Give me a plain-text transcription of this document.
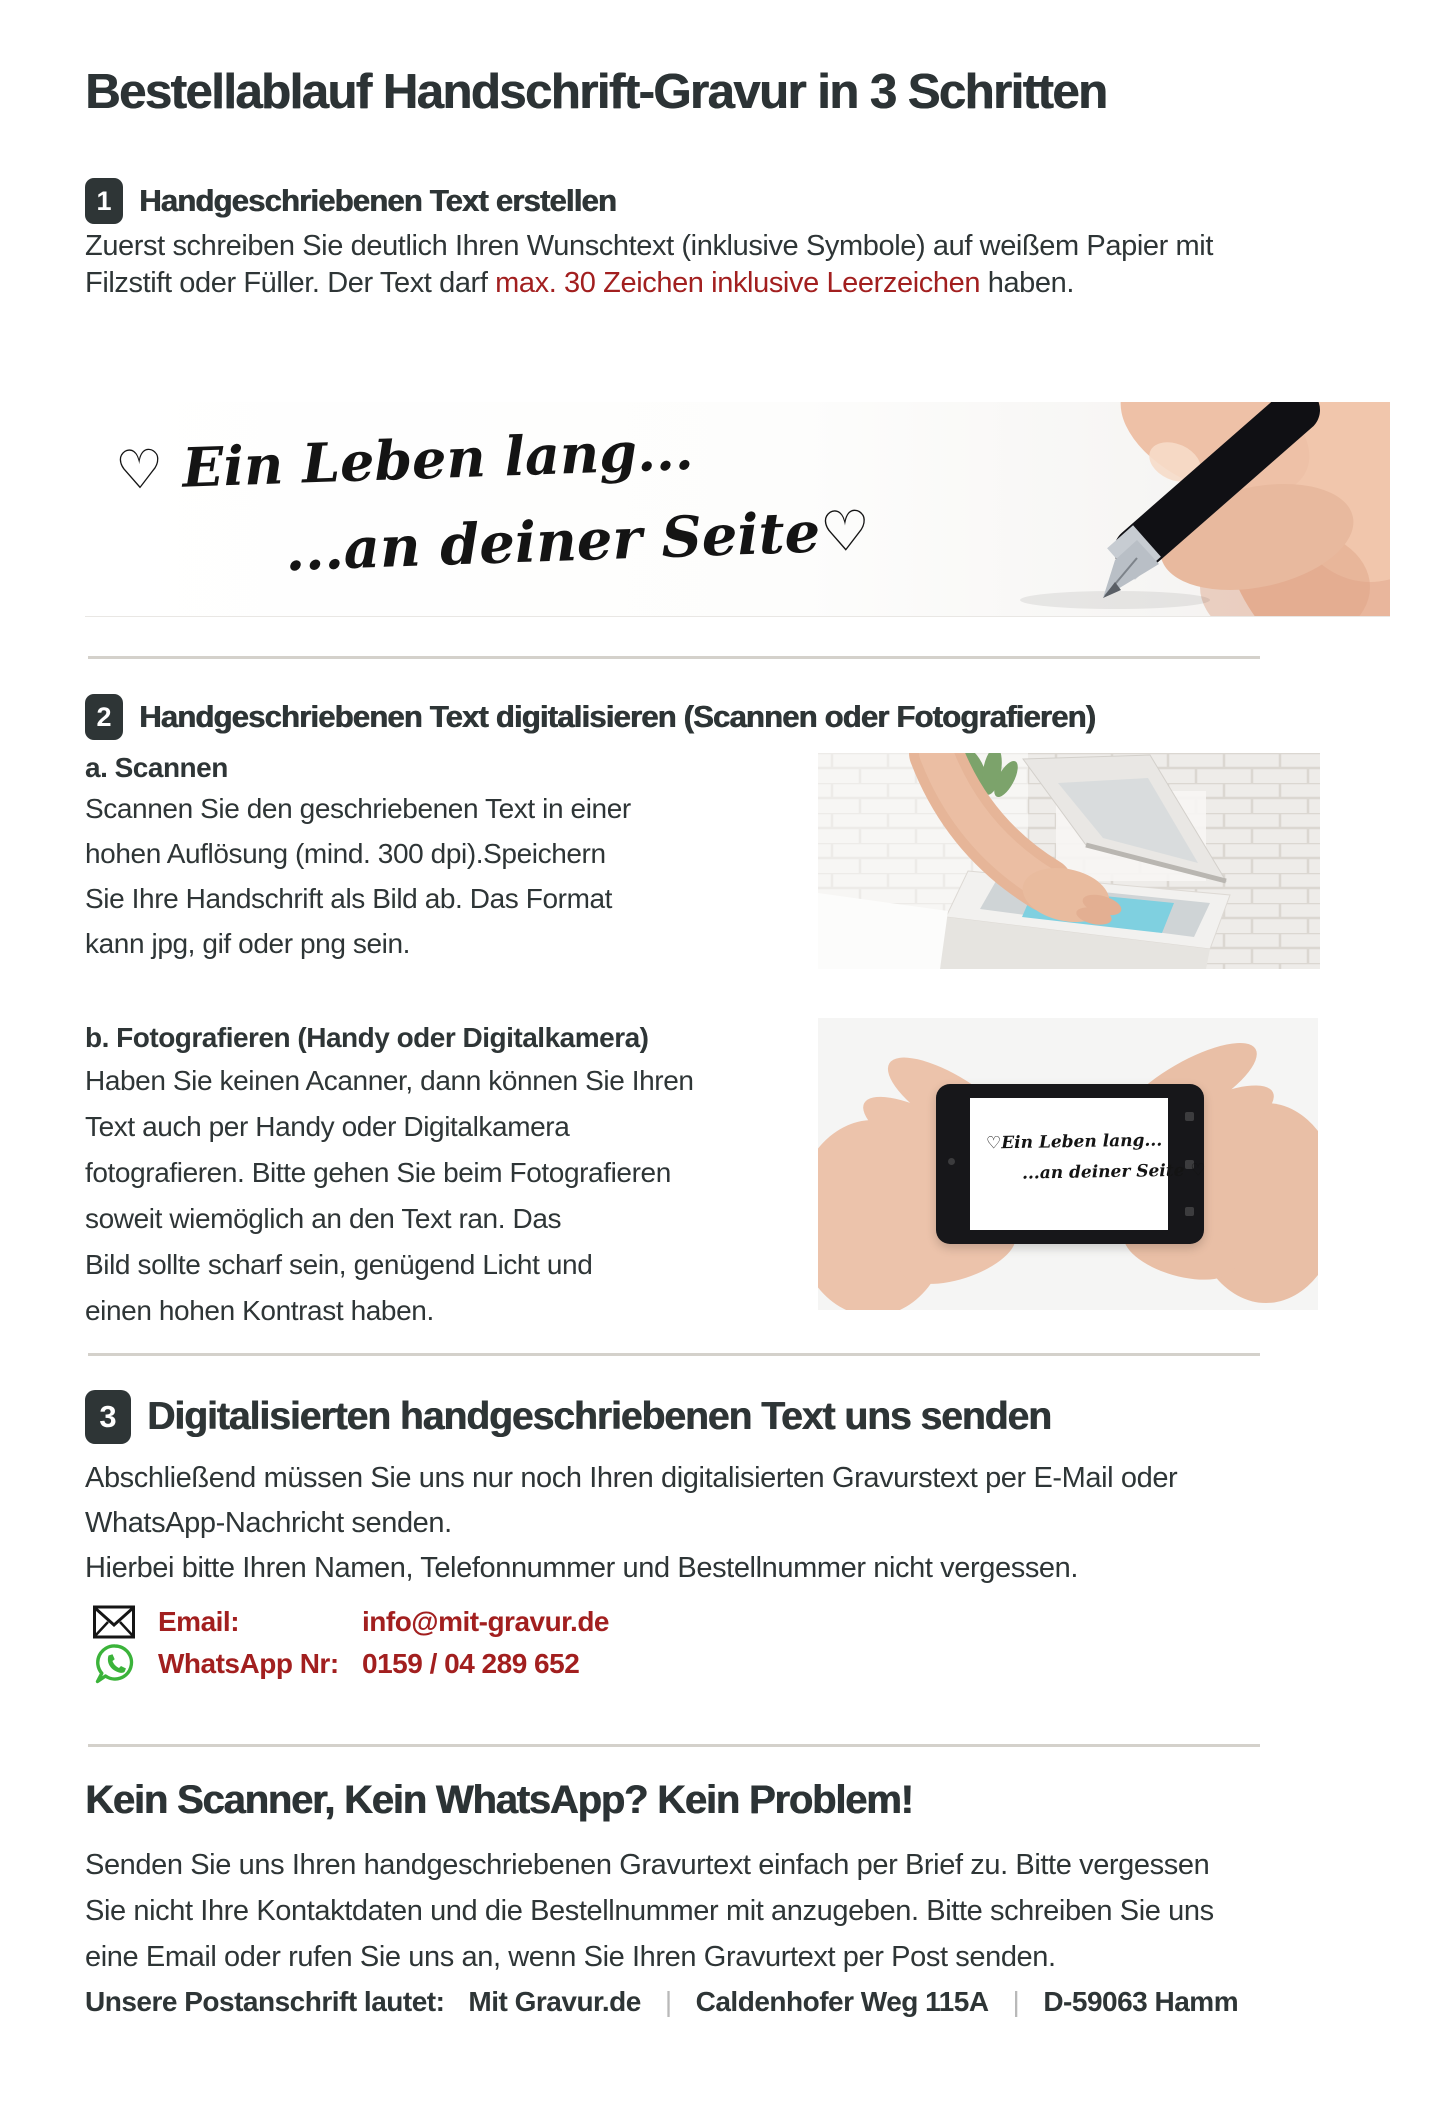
Bestellablauf Handschrift-Gravur in 3 Schritten
1 Handgeschriebenen Text erstellen
Zuerst schreiben Sie deutlich Ihren Wunschtext (inklusive Symbole) auf weißem Papier mit
Filzstift oder Füller. Der Text darf max. 30 Zeichen inklusive Leerzeichen haben.
♡ Ein Leben lang...
...an deiner Seite♡
2 Handgeschriebenen Text digitalisieren (Scannen oder Fotografieren)
a. Scannen
Scannen Sie den geschriebenen Text in einer
hohen Auflösung (mind. 300 dpi).Speichern
Sie Ihre Handschrift als Bild ab. Das Format
kann jpg, gif oder png sein.
b. Fotografieren (Handy oder Digitalkamera)
Haben Sie keinen Acanner, dann können Sie Ihren
Text auch per Handy oder Digitalkamera
fotografieren. Bitte gehen Sie beim Fotografieren
soweit wiemöglich an den Text ran. Das
Bild sollte scharf sein, genügend Licht und
einen hohen Kontrast haben.
♡Ein Leben lang...
...an deiner Seite ♡
3 Digitalisierten handgeschriebenen Text uns senden
Abschließend müssen Sie uns nur noch Ihren digitalisierten Gravurstext per E-Mail oder
WhatsApp-Nachricht senden.
Hierbei bitte Ihren Namen, Telefonnummer und Bestellnummer nicht vergessen.
Email:	info@mit-gravur.de
WhatsApp Nr: 0159 / 04 289 652
Kein Scanner, Kein WhatsApp? Kein Problem!
Senden Sie uns Ihren handgeschriebenen Gravurtext einfach per Brief zu. Bitte vergessen
Sie nicht Ihre Kontaktdaten und die Bestellnummer mit anzugeben. Bitte schreiben Sie uns
eine Email oder rufen Sie uns an, wenn Sie Ihren Gravurtext per Post senden.
Unsere Postanschrift lautet: Mit Gravur.de | Caldenhofer Weg 115A | D-59063 Hamm
